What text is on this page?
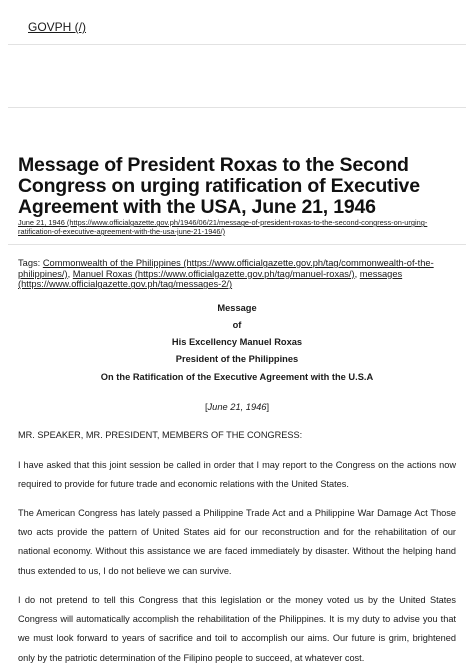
GOVPH (/)
Message of President Roxas to the Second Congress on urging ratification of Executive Agreement with the USA, June 21, 1946
June 21, 1946 (https://www.officialgazette.gov.ph/1946/06/21/message-of-president-roxas-to-the-second-congress-on-urging-ratification-of-executive-agreement-with-the-usa-june-21-1946/)
Tags: Commonwealth of the Philippines (https://www.officialgazette.gov.ph/tag/commonwealth-of-the-philippines/), Manuel Roxas (https://www.officialgazette.gov.ph/tag/manuel-roxas/), messages (https://www.officialgazette.gov.ph/tag/messages-2/)
Message
of
His Excellency Manuel Roxas
President of the Philippines
On the Ratification of the Executive Agreement with the U.S.A
[June 21, 1946]

MR. SPEAKER, MR. PRESIDENT, MEMBERS OF THE CONGRESS:

I have asked that this joint session be called in order that I may report to the Congress on the actions now required to provide for future trade and economic relations with the United States.

The American Congress has lately passed a Philippine Trade Act and a Philippine War Damage Act Those two acts provide the pattern of United States aid for our reconstruction and for the rehabilitation of our national economy. Without this assistance we are faced immediately by disaster. Without the helping hand thus extended to us, I do not believe we can survive.

I do not pretend to tell this Congress that this legislation or the money voted us by the United States Congress will automatically accomplish the rehabilitation of the Philippines. It is my duty to advise you that we must look forward to years of sacrifice and toil to accomplish our aims. Our future is grim, brightened only by the patriotic determination of the Filipino people to succeed, at whatever cost.
